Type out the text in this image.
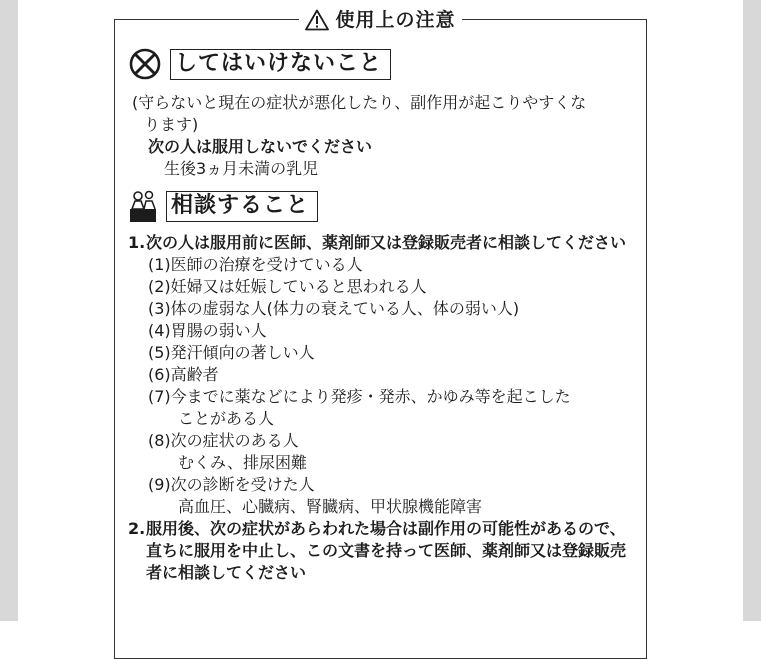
使用上の注意
してはいけないこと
(守らないと現在の症状が悪化したり、副作用が起こりやすくな
ります)
次の人は服用しないでください
生後3ヵ月未満の乳児
相談すること
1. 次の人は服用前に医師、薬剤師又は登録販売者に相談してください
(1)医師の治療を受けている人
(2)妊婦又は妊娠していると思われる人
(3)体の虚弱な人(体力の衰えている人、体の弱い人)
(4)胃腸の弱い人
(5)発汗傾向の著しい人
(6)高齢者
(7)今までに薬などにより発疹・発赤、かゆみ等を起こした
ことがある人
(8)次の症状のある人
むくみ、排尿困難
(9)次の診断を受けた人
高血圧、心臓病、腎臓病、甲状腺機能障害
2. 服用後、次の症状があらわれた場合は副作用の可能性があるので、直ちに服用を中止し、この文書を持って医師、薬剤師又は登録販売者に相談してください
